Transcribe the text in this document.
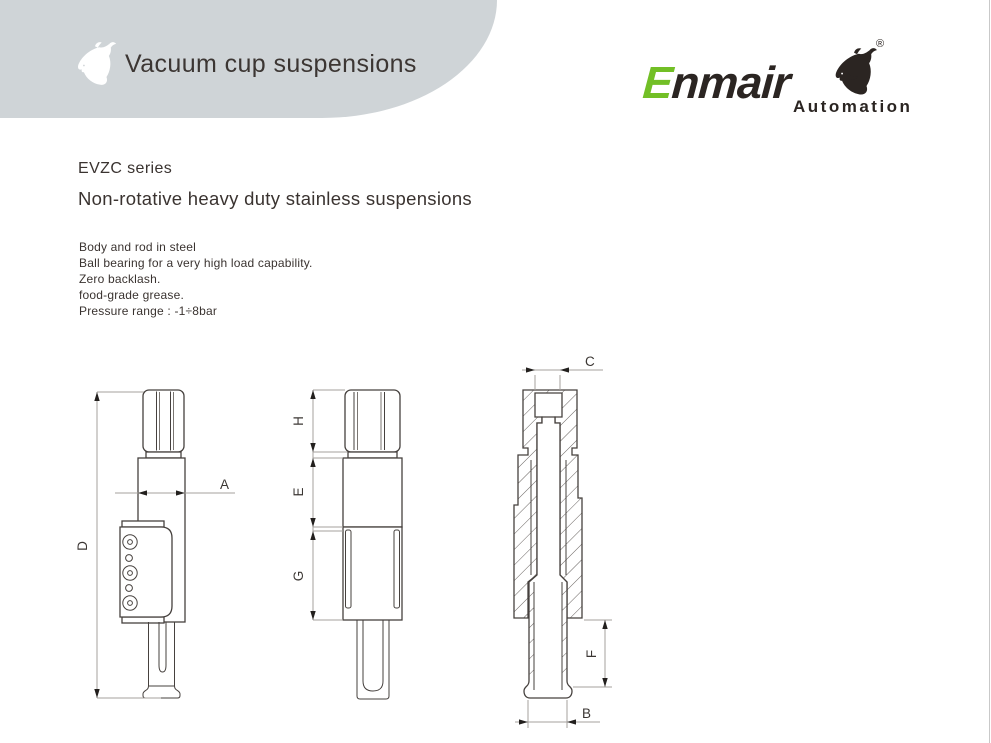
Vacuum cup suspensions	Enmair
®
Automation
EVZC series
Non-rotative heavy duty stainless suspensions
Body and rod in steel
Ball bearing for a very high load capability.
Zero backlash.
food-grade grease.
Pressure range : -1÷8bar
D
A
H
E
G
C
F
B
